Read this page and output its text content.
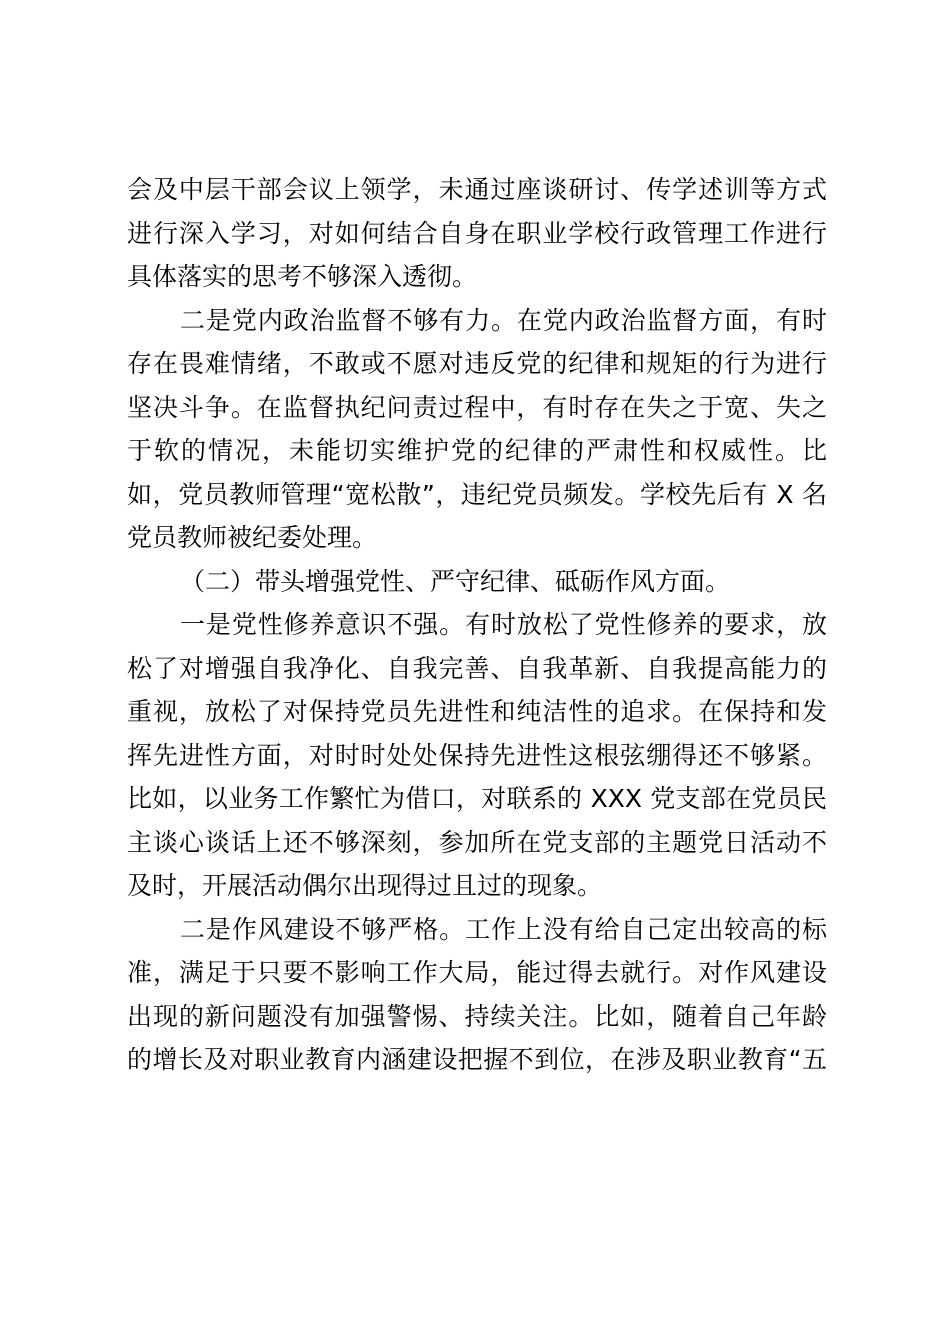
会及中层干部会议上领学，未通过座谈研讨、传学述训等方式
进行深入学习，对如何结合自身在职业学校行政管理工作进行
具体落实的思考不够深入透彻。
二是党内政治监督不够有力。在党内政治监督方面，有时
存在畏难情绪，不敢或不愿对违反党的纪律和规矩的行为进行
坚决斗争。在监督执纪问责过程中，有时存在失之于宽、失之
于软的情况，未能切实维护党的纪律的严肃性和权威性。比
如，党员教师管理“宽松散”，违纪党员频发。学校先后有 X 名
党员教师被纪委处理。
（二）带头增强党性、严守纪律、砥砺作风方面。
一是党性修养意识不强。有时放松了党性修养的要求，放
松了对增强自我净化、自我完善、自我革新、自我提高能力的
重视，放松了对保持党员先进性和纯洁性的追求。在保持和发
挥先进性方面，对时时处处保持先进性这根弦绷得还不够紧。
比如，以业务工作繁忙为借口，对联系的 XXX 党支部在党员民
主谈心谈话上还不够深刻，参加所在党支部的主题党日活动不
及时，开展活动偶尔出现得过且过的现象。
二是作风建设不够严格。工作上没有给自己定出较高的标
准，满足于只要不影响工作大局，能过得去就行。对作风建设
出现的新问题没有加强警惕、持续关注。比如，随着自己年龄
的增长及对职业教育内涵建设把握不到位，在涉及职业教育“五
